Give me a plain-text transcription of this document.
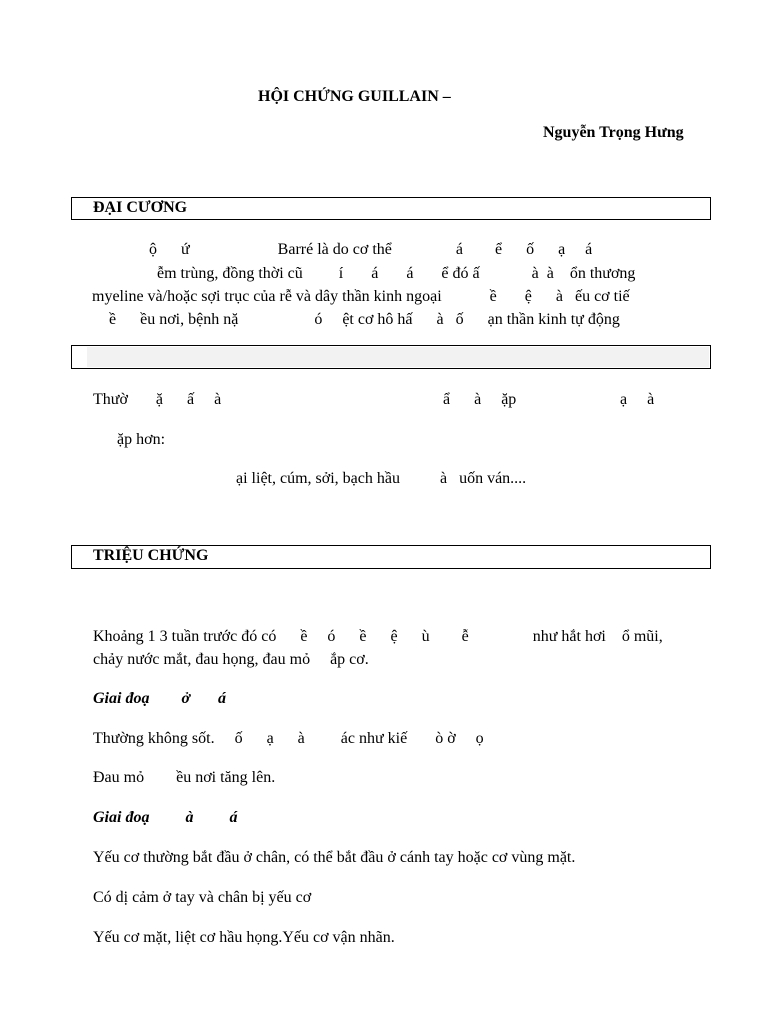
HỘI CHỨNG GUILLAIN –
Nguyễn Trọng Hưng
ĐẠI CƯƠNG
ộ      ứ                      Barré là do cơ thể                á        ể      ố      ạ     á
ễm trùng, đồng thời cũ         í       á       á       ể đó ấ             à  à    ổn thương
myeline và/hoặc sợi trục của rễ và dây thần kinh ngoại            ề       ệ      à   ếu cơ tiế
ề      ều nơi, bệnh nặ                   ó     ệt cơ hô hấ      à   ố      ạn thần kinh tự động
Thườ       ặ      ấ     à	ẩ      à     ặp	ạ     à
ặp hơn:
ại liệt, cúm, sởi, bạch hầu          à   uốn ván....
TRIỆU CHỨNG
Khoảng 1 3 tuần trước đó có      ề     ó      ề      ệ      ù        ễ                như hắt hơi    ổ mũi,
chảy nước mắt, đau họng, đau mỏ     ắp cơ.
Giai đoạ        ở       á
Thường không sốt.     ố      ạ      à         ác như kiế       ò ờ     ọ
Đau mỏ        ều nơi tăng lên.
Giai đoạ         à         á
Yếu cơ thường bắt đầu ở chân, có thể bắt đầu ở cánh tay hoặc cơ vùng mặt.
Có dị cảm ở tay và chân bị yếu cơ
Yếu cơ mặt, liệt cơ hầu họng.Yếu cơ vận nhãn.
